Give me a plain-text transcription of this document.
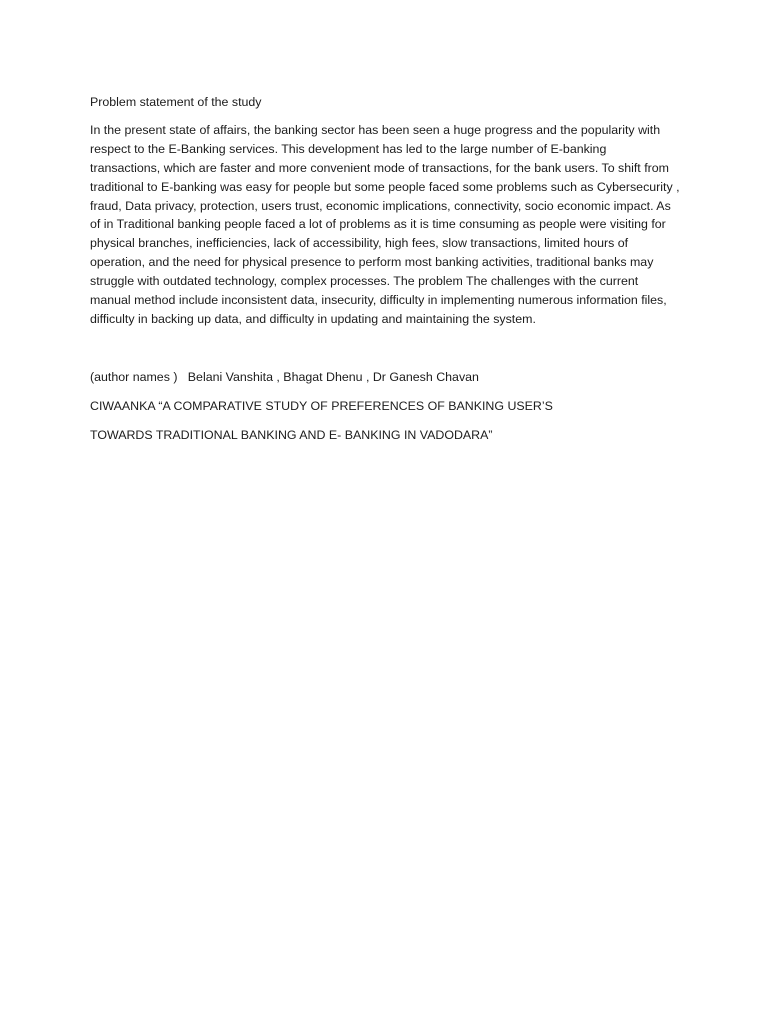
Problem statement of the study

In the present state of affairs, the banking sector has been seen a huge progress and the popularity with respect to the E-Banking services. This development has led to the large number of E-banking transactions, which are faster and more convenient mode of transactions, for the bank users. To shift from traditional to E-banking was easy for people but some people faced some problems such as Cybersecurity , fraud, Data privacy, protection, users trust, economic implications, connectivity, socio economic impact. As of in Traditional banking people faced a lot of problems as it is time consuming as people were visiting for physical branches, inefficiencies, lack of accessibility, high fees, slow transactions, limited hours of operation, and the need for physical presence to perform most banking activities, traditional banks may struggle with outdated technology, complex processes. The problem The challenges with the current manual method include inconsistent data, insecurity, difficulty in implementing numerous information files, difficulty in backing up data, and difficulty in updating and maintaining the system.

(author names )   Belani Vanshita , Bhagat Dhenu , Dr Ganesh Chavan

CIWAANKA “A COMPARATIVE STUDY OF PREFERENCES OF BANKING USER’S

TOWARDS TRADITIONAL BANKING AND E- BANKING IN VADODARA”
